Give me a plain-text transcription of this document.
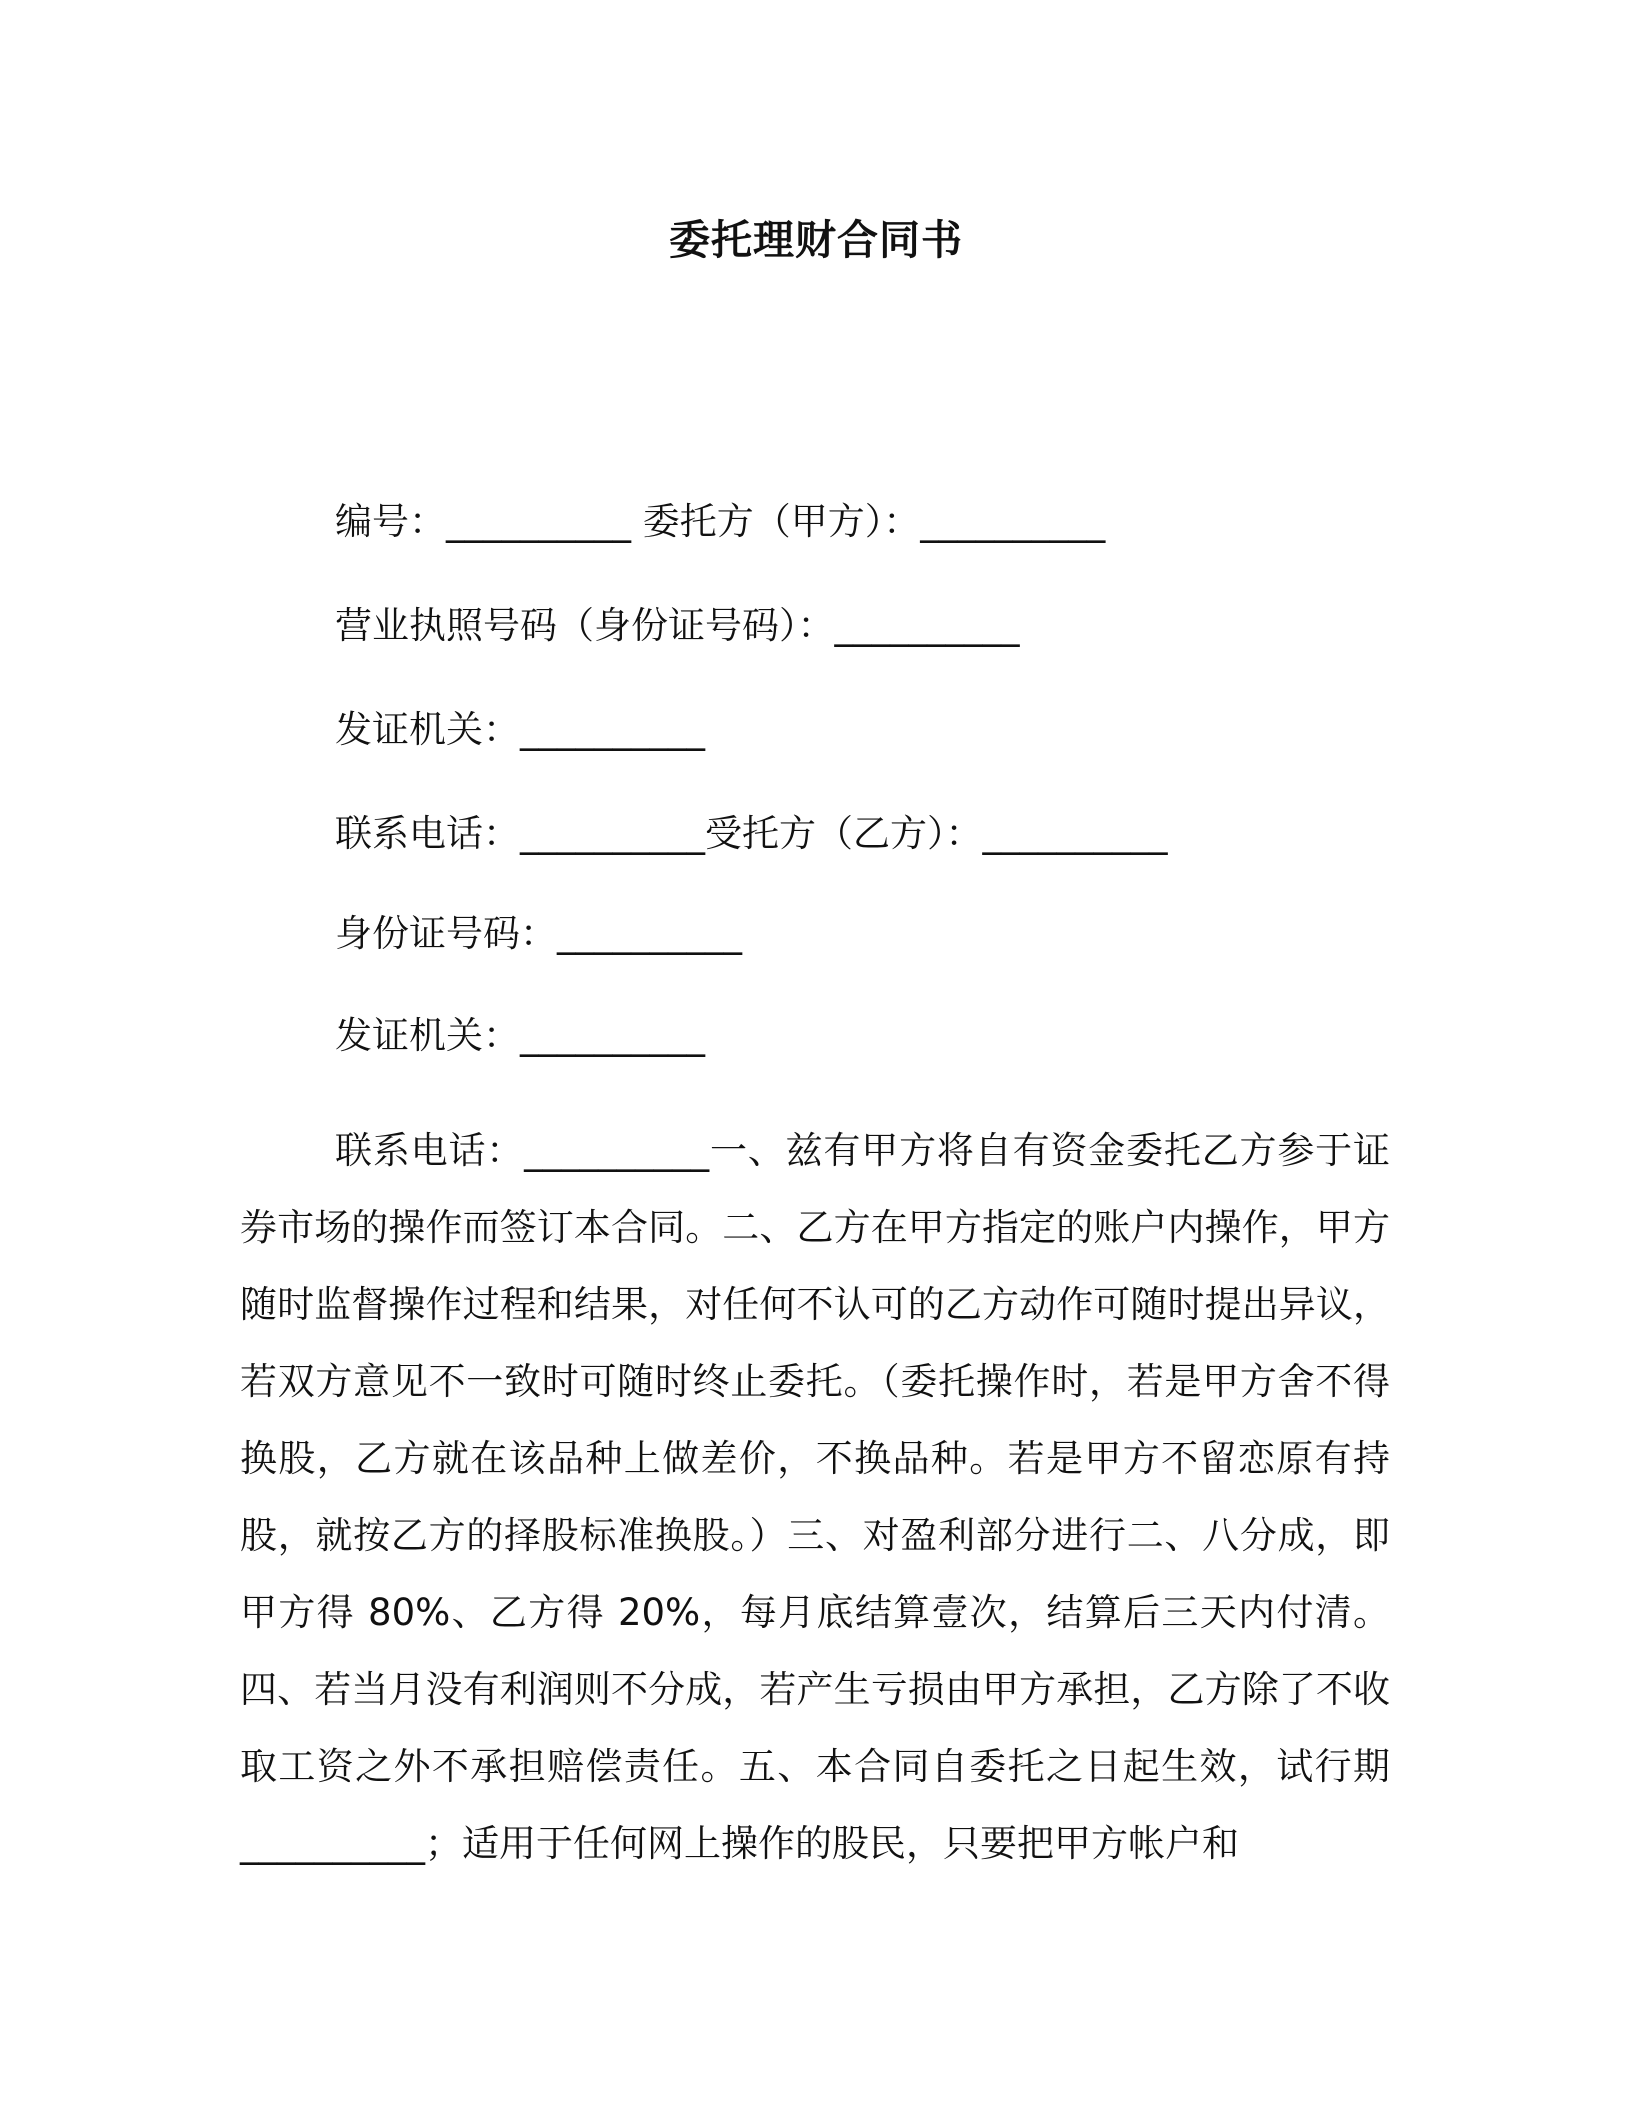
委托理财合同书
编号：__________ 委托方（甲方）：__________
营业执照号码（身份证号码）：__________
发证机关：__________
联系电话：__________受托方（乙方）：__________
身份证号码：__________
发证机关：__________

联系电话：__________一、兹有甲方将自有资金委托乙方参于证券市场的操作而签订本合同。二、乙方在甲方指定的账户内操作，甲方随时监督操作过程和结果，对任何不认可的乙方动作可随时提出异议，若双方意见不一致时可随时终止委托。（委托操作时，若是甲方舍不得换股，乙方就在该品种上做差价，不换品种。若是甲方不留恋原有持股，就按乙方的择股标准换股。）三、对盈利部分进行二、八分成，即甲方得 80%、乙方得 20%，每月底结算壹次，结算后三天内付清。四、若当月没有利润则不分成，若产生亏损由甲方承担，乙方除了不收取工资之外不承担赔偿责任。五、本合同自委托之日起生效，试行期__________；适用于任何网上操作的股民，只要把甲方帐户和
